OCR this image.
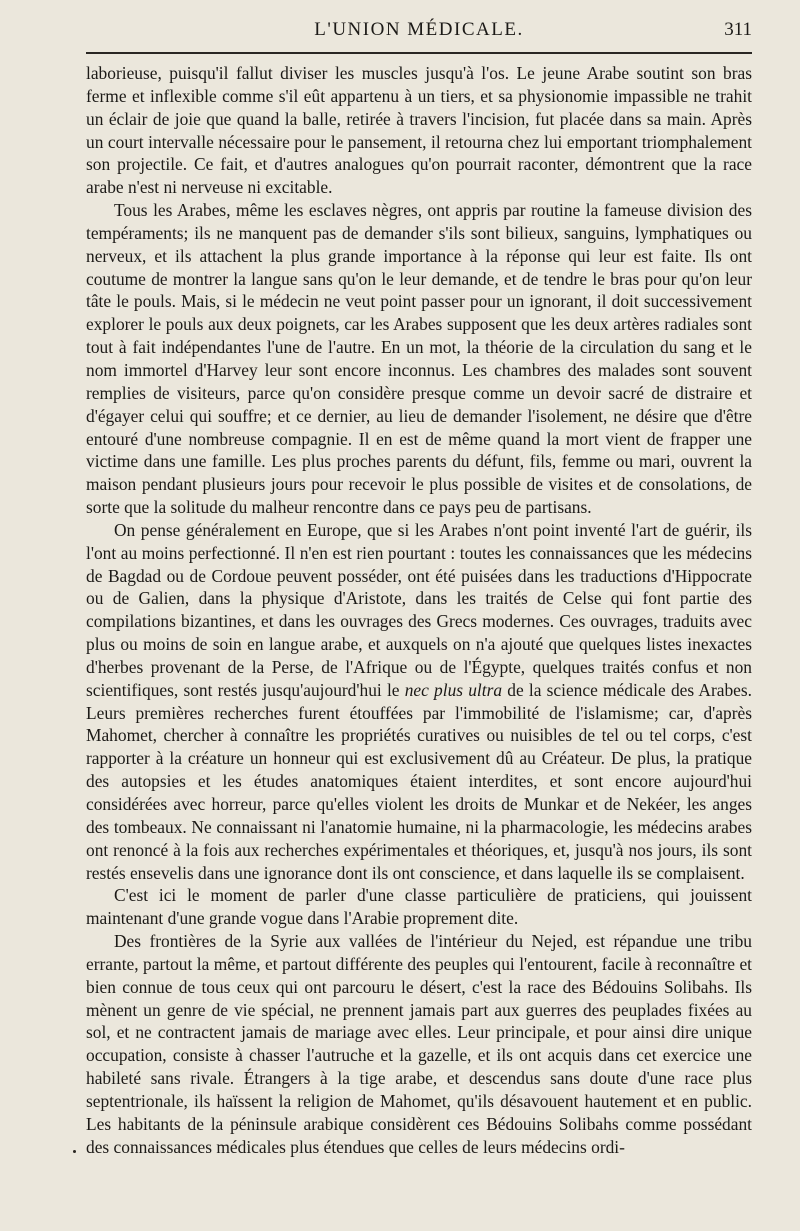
L'UNION MÉDICALE.	311

laborieuse, puisqu'il fallut diviser les muscles jusqu'à l'os. Le jeune Arabe soutint son bras ferme et inflexible comme s'il eût appartenu à un tiers, et sa physionomie impassible ne trahit un éclair de joie que quand la balle, retirée à travers l'incision, fut placée dans sa main. Après un court intervalle nécessaire pour le pansement, il retourna chez lui emportant triomphalement son projectile. Ce fait, et d'autres analogues qu'on pourrait raconter, démontrent que la race arabe n'est ni nerveuse ni excitable.

Tous les Arabes, même les esclaves nègres, ont appris par routine la fameuse division des tempéraments; ils ne manquent pas de demander s'ils sont bilieux, sanguins, lymphatiques ou nerveux, et ils attachent la plus grande importance à la réponse qui leur est faite. Ils ont coutume de montrer la langue sans qu'on le leur demande, et de tendre le bras pour qu'on leur tâte le pouls. Mais, si le médecin ne veut point passer pour un ignorant, il doit successivement explorer le pouls aux deux poignets, car les Arabes supposent que les deux artères radiales sont tout à fait indépendantes l'une de l'autre. En un mot, la théorie de la circulation du sang et le nom immortel d'Harvey leur sont encore inconnus. Les chambres des malades sont souvent remplies de visiteurs, parce qu'on considère presque comme un devoir sacré de distraire et d'égayer celui qui souffre; et ce dernier, au lieu de demander l'isolement, ne désire que d'être entouré d'une nombreuse compagnie. Il en est de même quand la mort vient de frapper une victime dans une famille. Les plus proches parents du défunt, fils, femme ou mari, ouvrent la maison pendant plusieurs jours pour recevoir le plus possible de visites et de consolations, de sorte que la solitude du malheur rencontre dans ce pays peu de partisans.

On pense généralement en Europe, que si les Arabes n'ont point inventé l'art de guérir, ils l'ont au moins perfectionné. Il n'en est rien pourtant : toutes les connaissances que les médecins de Bagdad ou de Cordoue peuvent posséder, ont été puisées dans les traductions d'Hippocrate ou de Galien, dans la physique d'Aristote, dans les traités de Celse qui font partie des compilations bizantines, et dans les ouvrages des Grecs modernes. Ces ouvrages, traduits avec plus ou moins de soin en langue arabe, et auxquels on n'a ajouté que quelques listes inexactes d'herbes provenant de la Perse, de l'Afrique ou de l'Égypte, quelques traités confus et non scientifiques, sont restés jusqu'aujourd'hui le nec plus ultra de la science médicale des Arabes. Leurs premières recherches furent étouffées par l'immobilité de l'islamisme; car, d'après Mahomet, chercher à connaître les propriétés curatives ou nuisibles de tel ou tel corps, c'est rapporter à la créature un honneur qui est exclusivement dû au Créateur. De plus, la pratique des autopsies et les études anatomiques étaient interdites, et sont encore aujourd'hui considérées avec horreur, parce qu'elles violent les droits de Munkar et de Nekéer, les anges des tombeaux. Ne connaissant ni l'anatomie humaine, ni la pharmacologie, les médecins arabes ont renoncé à la fois aux recherches expérimentales et théoriques, et, jusqu'à nos jours, ils sont restés ensevelis dans une ignorance dont ils ont conscience, et dans laquelle ils se complaisent.

C'est ici le moment de parler d'une classe particulière de praticiens, qui jouissent maintenant d'une grande vogue dans l'Arabie proprement dite.

Des frontières de la Syrie aux vallées de l'intérieur du Nejed, est répandue une tribu errante, partout la même, et partout différente des peuples qui l'entourent, facile à reconnaître et bien connue de tous ceux qui ont parcouru le désert, c'est la race des Bédouins Solibahs. Ils mènent un genre de vie spécial, ne prennent jamais part aux guerres des peuplades fixées au sol, et ne contractent jamais de mariage avec elles. Leur principale, et pour ainsi dire unique occupation, consiste à chasser l'autruche et la gazelle, et ils ont acquis dans cet exercice une habileté sans rivale. Étrangers à la tige arabe, et descendus sans doute d'une race plus septentrionale, ils haïssent la religion de Mahomet, qu'ils désavouent hautement et en public. Les habitants de la péninsule arabique considèrent ces Bédouins Solibahs comme possédant des connaissances médicales plus étendues que celles de leurs médecins ordi-
